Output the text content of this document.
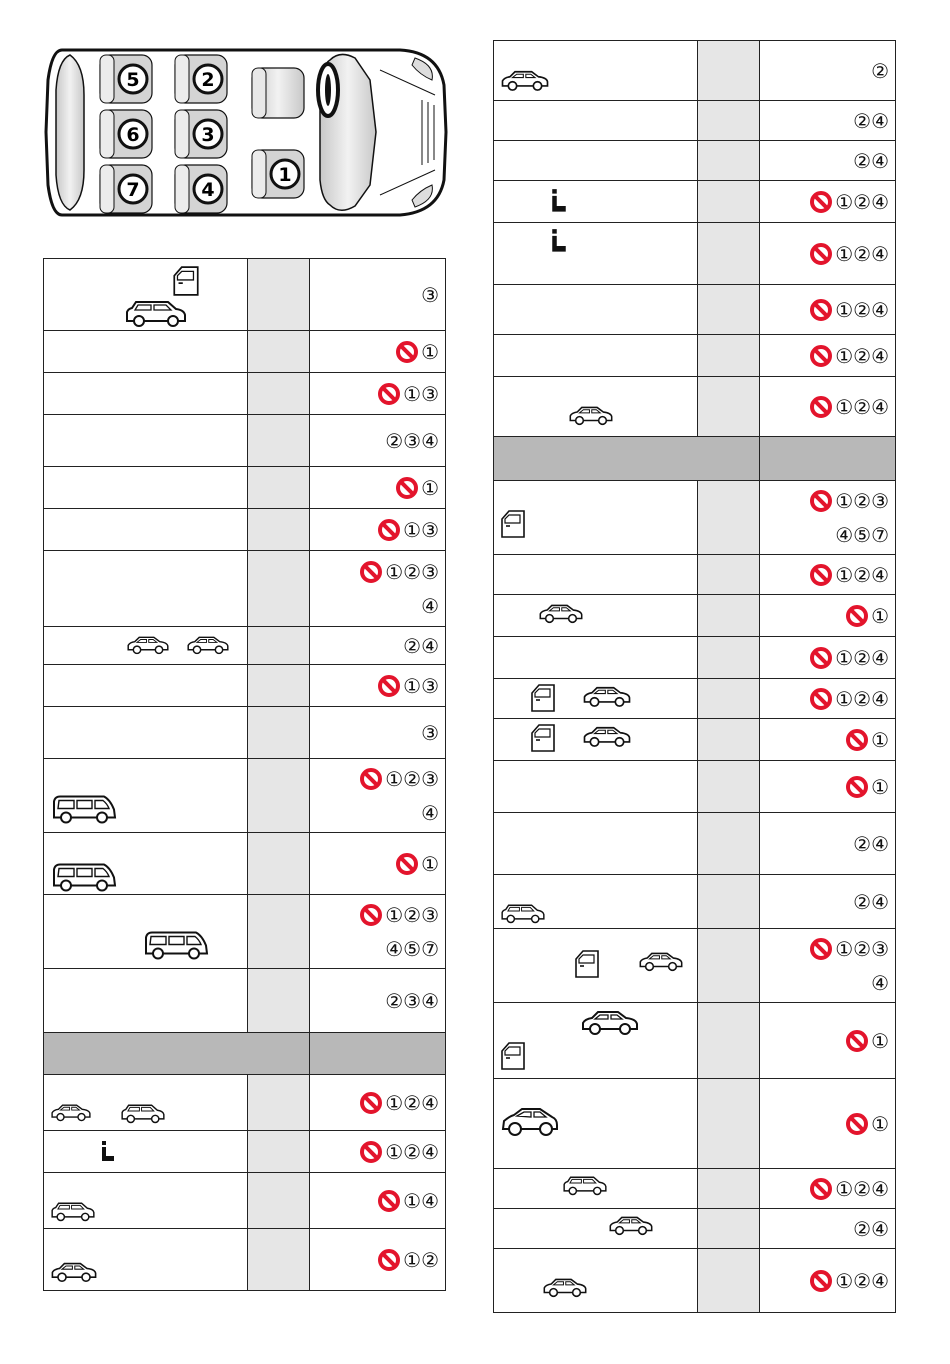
5	2
6	3
7	4
1
		③
		①
		①③
		②③④
		①
		①③
		①②③
④

		②④
		①③
		③

		①②③
④

		①

		①②③
④⑤⑦
		②③④

		①②④

		①②④

		①④

		①②
		②
		②④
		②④

		①②④

		①②④
		①②④
		①②④

		①②④

		①②③
④⑤⑦
		①②④

		①
		①②④

		①②④

		①
		①
		②④

		②④

		①②③
④

		①

		①

		①②④

		②④

		①②④
